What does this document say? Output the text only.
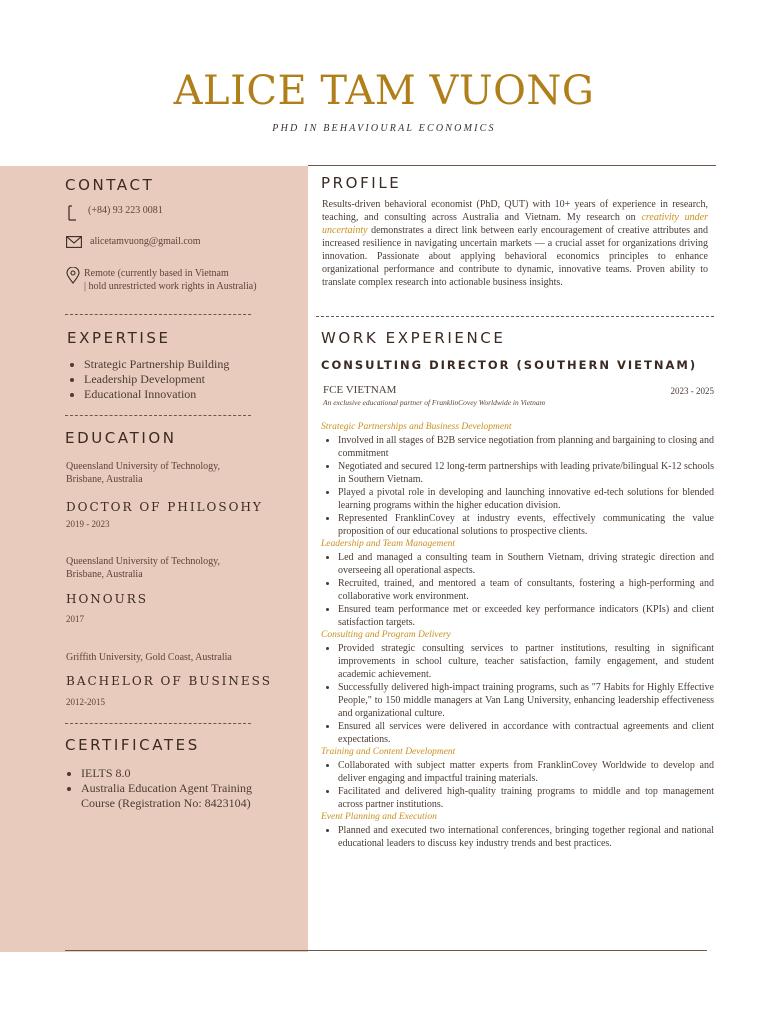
ALICE TAM VUONG
PHD IN BEHAVIOURAL ECONOMICS
CONTACT
(+84) 93 223 0081
alicetamvuong@gmail.com
Remote (currently based in Vietnam
| hold unrestricted work rights in Australia)
EXPERTISE
• Strategic Partnership Building
• Leadership Development
• Educational Innovation
EDUCATION
Queensland University of Technology,
Brisbane, Australia
DOCTOR OF PHILOSOHY
2019 - 2023
Queensland University of Technology,
Brisbane, Australia
HONOURS
2017
Griffith University, Gold Coast, Australia
BACHELOR OF BUSINESS
2012-2015
CERTIFICATES
• IELTS 8.0
• Australia Education Agent Training Course (Registration No: 8423104)
PROFILE
Results-driven behavioral economist (PhD, QUT) with 10+ years of experience in research, teaching, and consulting across Australia and Vietnam. My research on creativity under uncertainty demonstrates a direct link between early encouragement of creative attributes and increased resilience in navigating uncertain markets — a crucial asset for organizations driving innovation. Passionate about applying behavioral economics principles to enhance organizational performance and contribute to dynamic, innovative teams. Proven ability to translate complex research into actionable business insights.
WORK EXPERIENCE
CONSULTING DIRECTOR (SOUTHERN VIETNAM)
FCE VIETNAM	2023 - 2025
An exclusive educational partner of FranklinCovey Worldwide in Vietnam
Strategic Partnerships and Business Development
• Involved in all stages of B2B service negotiation from planning and bargaining to closing and commitment
• Negotiated and secured 12 long-term partnerships with leading private/bilingual K-12 schools in Southern Vietnam.
• Played a pivotal role in developing and launching innovative ed-tech solutions for blended learning programs within the higher education division.
• Represented FranklinCovey at industry events, effectively communicating the value proposition of our educational solutions to prospective clients.
Leadership and Team Management
• Led and managed a consulting team in Southern Vietnam, driving strategic direction and overseeing all operational aspects.
• Recruited, trained, and mentored a team of consultants, fostering a high-performing and collaborative work environment.
• Ensured team performance met or exceeded key performance indicators (KPIs) and client satisfaction targets.
Consulting and Program Delivery
• Provided strategic consulting services to partner institutions, resulting in significant improvements in school culture, teacher satisfaction, family engagement, and student academic achievement.
• Successfully delivered high-impact training programs, such as "7 Habits for Highly Effective People," to 150 middle managers at Van Lang University, enhancing leadership effectiveness and organizational culture.
• Ensured all services were delivered in accordance with contractual agreements and client expectations.
Training and Content Development
• Collaborated with subject matter experts from FranklinCovey Worldwide to develop and deliver engaging and impactful training materials.
• Facilitated and delivered high-quality training programs to middle and top management across partner institutions.
Event Planning and Execution
• Planned and executed two international conferences, bringing together regional and national educational leaders to discuss key industry trends and best practices.
